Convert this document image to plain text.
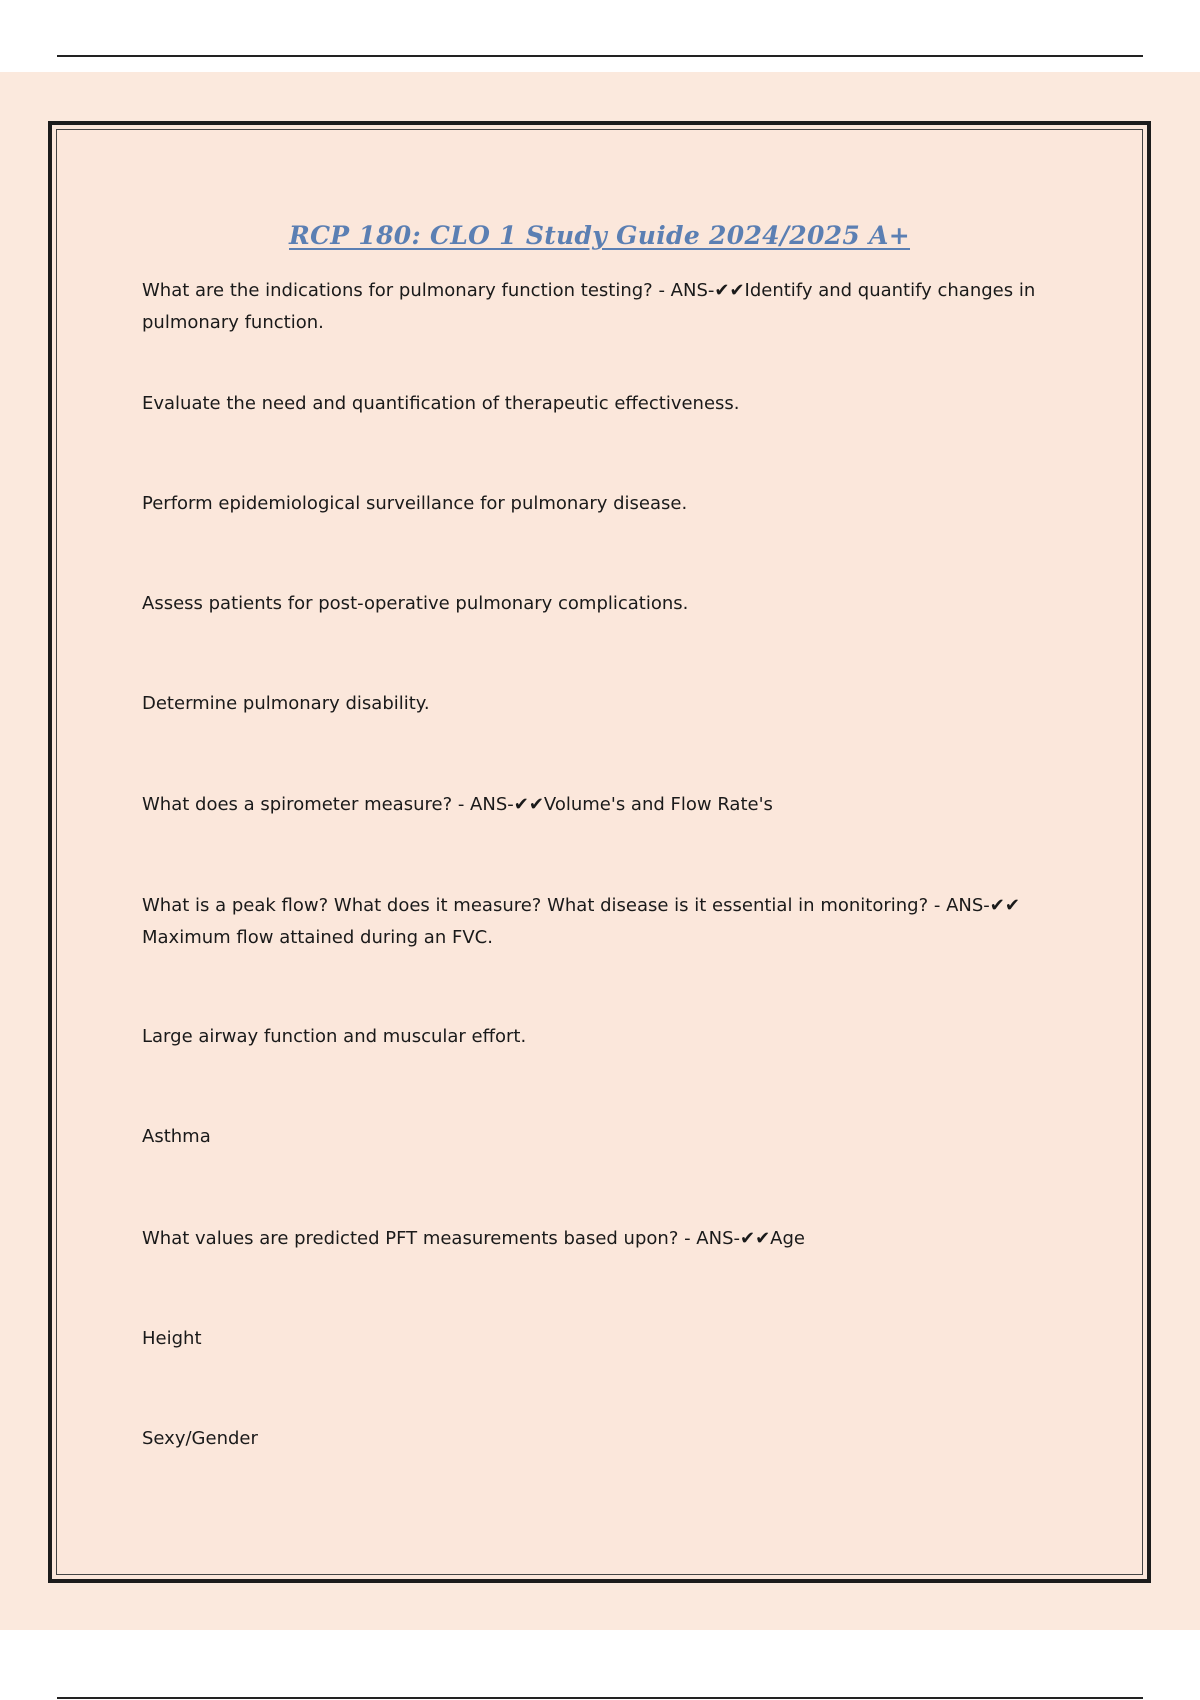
RCP 180: CLO 1 Study Guide 2024/2025 A+

What are the indications for pulmonary function testing? - ANS-✔✔Identify and quantify changes in pulmonary function.

Evaluate the need and quantification of therapeutic effectiveness.

Perform epidemiological surveillance for pulmonary disease.

Assess patients for post-operative pulmonary complications.

Determine pulmonary disability.

What does a spirometer measure? - ANS-✔✔Volume's and Flow Rate's

What is a peak flow? What does it measure? What disease is it essential in monitoring? - ANS-✔✔ Maximum flow attained during an FVC.

Large airway function and muscular effort.

Asthma

What values are predicted PFT measurements based upon? - ANS-✔✔Age

Height

Sexy/Gender
